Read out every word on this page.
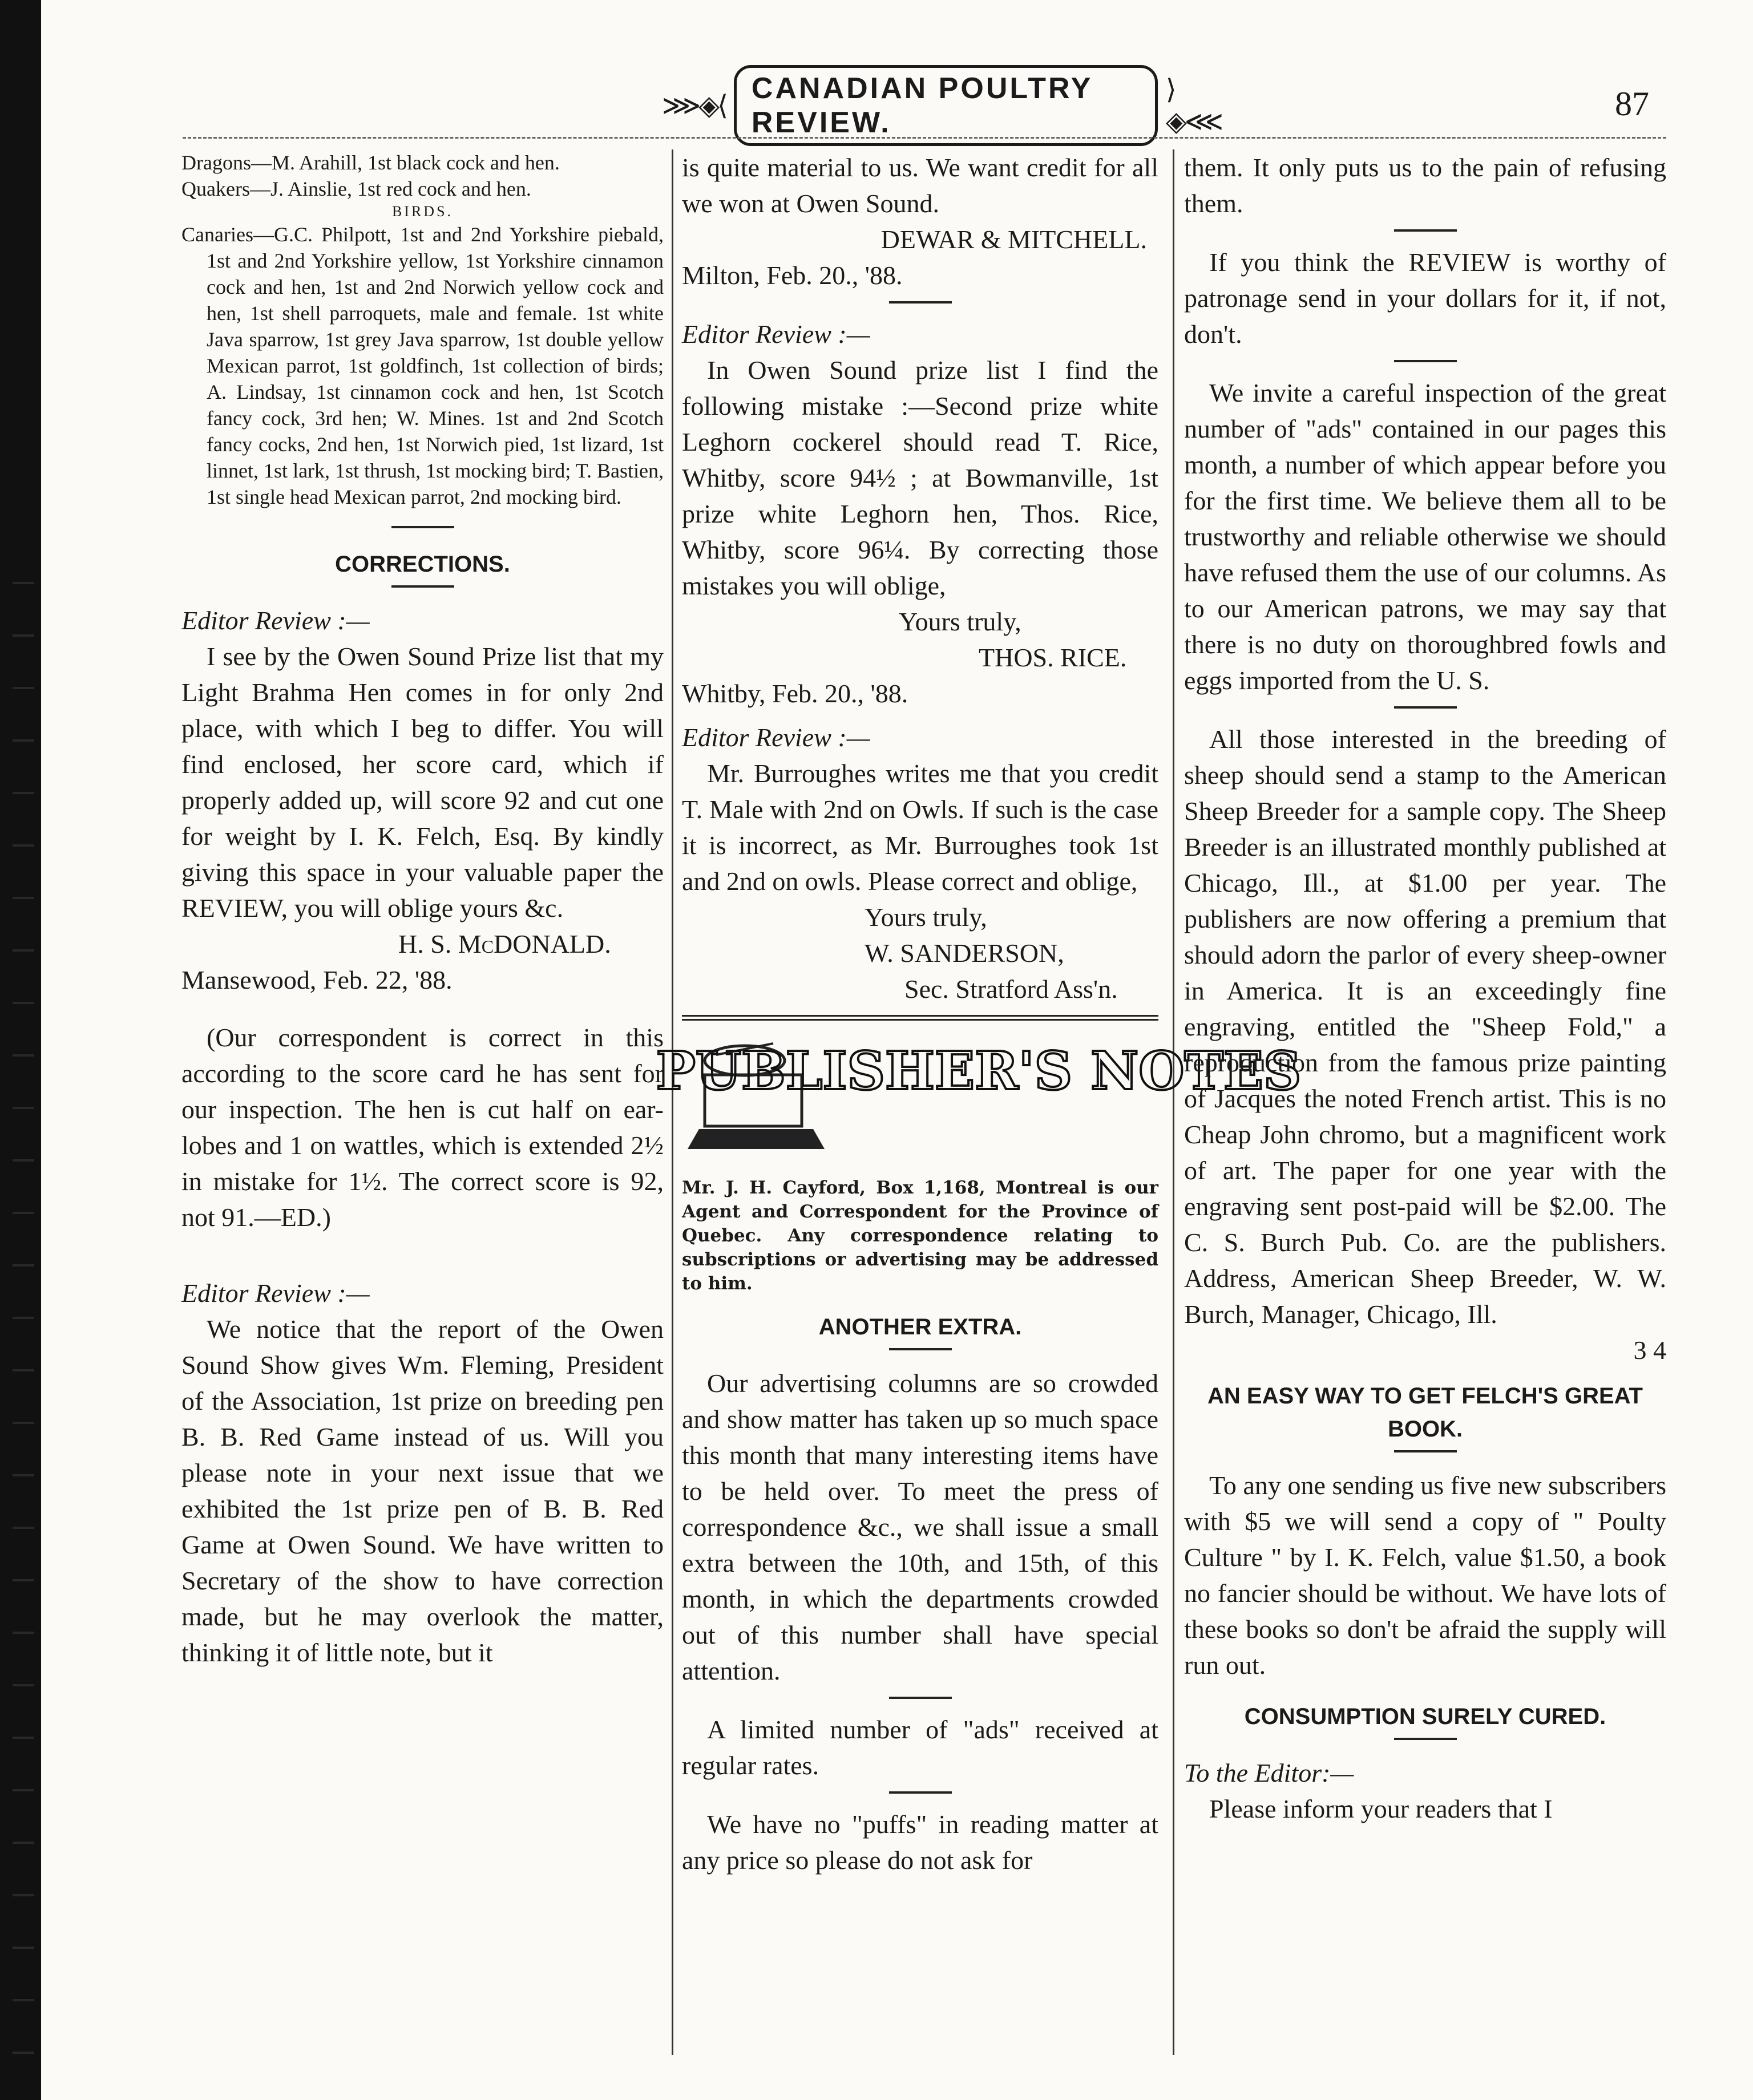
⋙◈⟨
CANADIAN POULTRY REVIEW.
⟩◈⋘	87

Dragons—M. Arahill, 1st black cock and hen.

Quakers—J. Ainslie, 1st red cock and hen.

BIRDS.

Canaries—G.C. Philpott, 1st and 2nd Yorkshire piebald, 1st and 2nd Yorkshire yellow, 1st Yorkshire cinnamon cock and hen, 1st and 2nd Norwich yellow cock and hen, 1st shell parroquets, male and female. 1st white Java sparrow, 1st grey Java sparrow, 1st double yellow Mexican parrot, 1st goldfinch, 1st collection of birds; A. Lindsay, 1st cinnamon cock and hen, 1st Scotch fancy cock, 3rd hen; W. Mines. 1st and 2nd Scotch fancy cocks, 2nd hen, 1st Norwich pied, 1st lizard, 1st linnet, 1st lark, 1st thrush, 1st mocking bird; T. Bastien, 1st single head Mexican parrot, 2nd mocking bird.

CORRECTIONS.

Editor Review :—

I see by the Owen Sound Prize list that my Light Brahma Hen comes in for only 2nd place, with which I beg to differ. You will find enclosed, her score card, which if properly added up, will score 92 and cut one for weight by I. K. Felch, Esq. By kindly giving this space in your valuable paper the REVIEW, you will oblige yours &c.

H. S. McDONALD.

Mansewood, Feb. 22, '88.

(Our correspondent is correct in this according to the score card he has sent for our inspection. The hen is cut half on ear-lobes and 1 on wattles, which is extended 2½ in mistake for 1½. The correct score is 92, not 91.—ED.)

Editor Review :—

We notice that the report of the Owen Sound Show gives Wm. Fleming, President of the Association, 1st prize on breeding pen B. B. Red Game instead of us. Will you please note in your next issue that we exhibited the 1st prize pen of B. B. Red Game at Owen Sound. We have written to Secretary of the show to have correction made, but he may overlook the matter, thinking it of little note, but it

is quite material to us. We want credit for all we won at Owen Sound.

DEWAR & MITCHELL.

Milton, Feb. 20., '88.

Editor Review :—

In Owen Sound prize list I find the following mistake :—Second prize white Leghorn cockerel should read T. Rice, Whitby, score 94½ ; at Bowmanville, 1st prize white Leghorn hen, Thos. Rice, Whitby, score 96¼. By correcting those mistakes you will oblige,

Yours truly,

THOS. RICE.

Whitby, Feb. 20., '88.

Editor Review :—

Mr. Burroughes writes me that you credit T. Male with 2nd on Owls. If such is the case it is incorrect, as Mr. Burroughes took 1st and 2nd on owls. Please correct and oblige,

Yours truly,

W. SANDERSON,

Sec. Stratford Ass'n.

PUBLISHER'S NOTES

Mr. J. H. Cayford, Box 1,168, Montreal is our Agent and Correspondent for the Province of Quebec. Any correspondence relating to subscriptions or advertising may be addressed to him.

ANOTHER EXTRA.

Our advertising columns are so crowded and show matter has taken up so much space this month that many interesting items have to be held over. To meet the press of correspondence &c., we shall issue a small extra between the 10th, and 15th, of this month, in which the departments crowded out of this number shall have special attention.

A limited number of "ads" received at regular rates.

We have no "puffs" in reading matter at any price so please do not ask for

them. It only puts us to the pain of refusing them.

If you think the REVIEW is worthy of patronage send in your dollars for it, if not, don't.

We invite a careful inspection of the great number of "ads" contained in our pages this month, a number of which appear before you for the first time. We believe them all to be trustworthy and reliable otherwise we should have refused them the use of our columns. As to our American patrons, we may say that there is no duty on thoroughbred fowls and eggs imported from the U. S.

All those interested in the breeding of sheep should send a stamp to the American Sheep Breeder for a sample copy. The Sheep Breeder is an illustrated monthly published at Chicago, Ill., at $1.00 per year. The publishers are now offering a premium that should adorn the parlor of every sheep-owner in America. It is an exceedingly fine engraving, entitled the "Sheep Fold," a reproduction from the famous prize painting of Jacques the noted French artist. This is no Cheap John chromo, but a magnificent work of art. The paper for one year with the engraving sent post-paid will be $2.00. The C. S. Burch Pub. Co. are the publishers. Address, American Sheep Breeder, W. W. Burch, Manager, Chicago, Ill.

3 4

AN EASY WAY TO GET FELCH'S GREAT BOOK.

To any one sending us five new subscribers with $5 we will send a copy of " Poulty Culture " by I. K. Felch, value $1.50, a book no fancier should be without. We have lots of these books so don't be afraid the supply will run out.

CONSUMPTION SURELY CURED.

To the Editor:—

Please inform your readers that I
